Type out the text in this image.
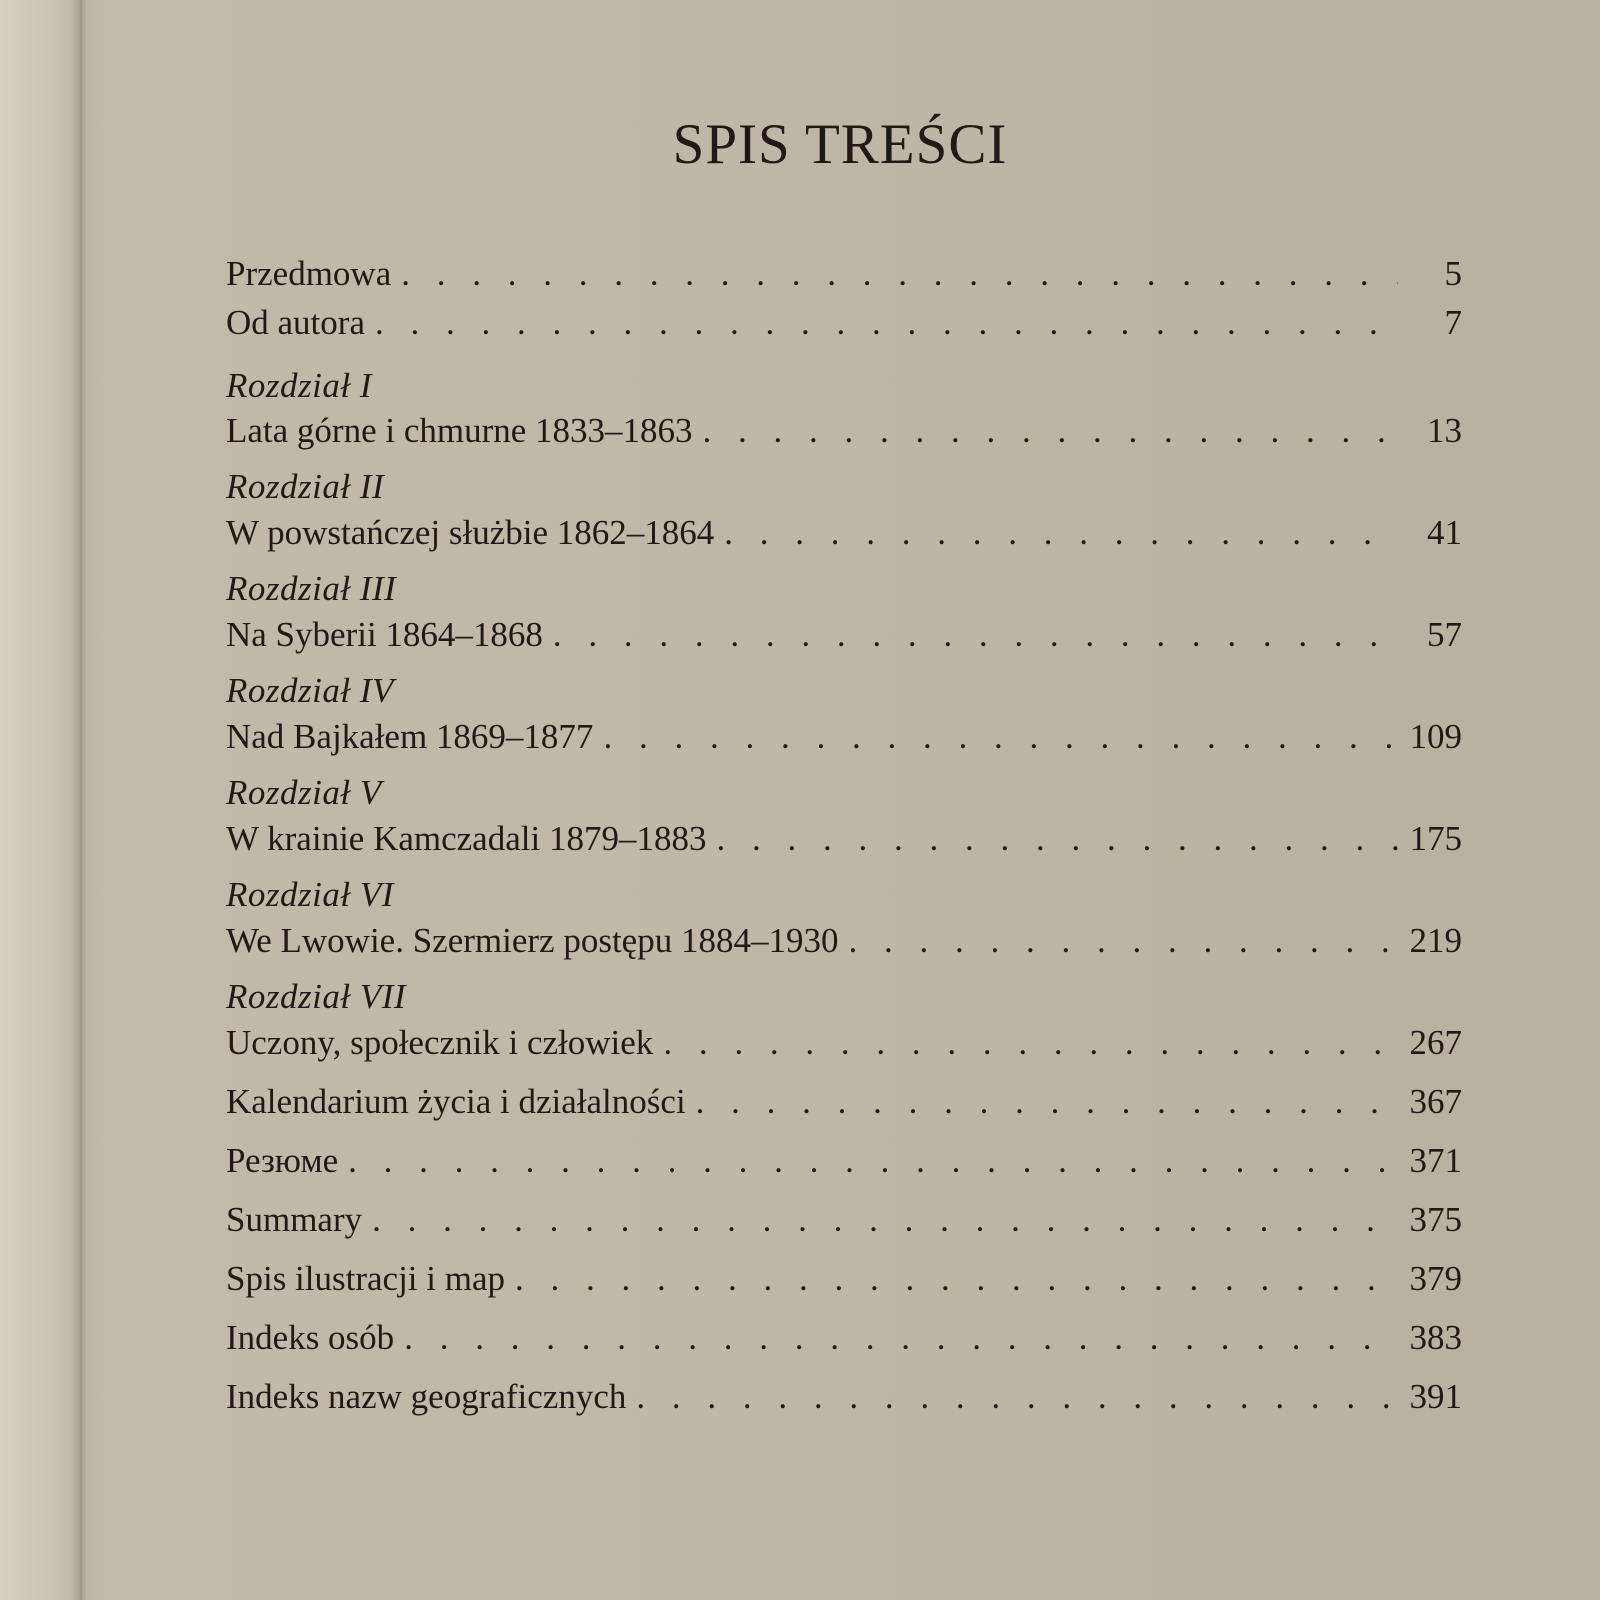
SPIS TREŚCI
Przedmowa . . .	5
Od autora . . .	7
Rozdział I
Lata górne i chmurne 1833–1863 . . .	13
Rozdział II
W powstańczej służbie 1862–1864 . . .	41
Rozdział III
Na Syberii 1864–1868 . . .	57
Rozdział IV
Nad Bajkałem 1869–1877 . . .	109
Rozdział V
W krainie Kamczadali 1879–1883 . . .	175
Rozdział VI
We Lwowie. Szermierz postępu 1884–1930 . . .	219
Rozdział VII
Uczony, społecznik i człowiek . . .	267
Kalendarium życia i działalności . . .	367
Резюме . . .	371
Summary . . .	375
Spis ilustracji i map . . .	379
Indeks osób . . .	383
Indeks nazw geograficznych . . .	391
